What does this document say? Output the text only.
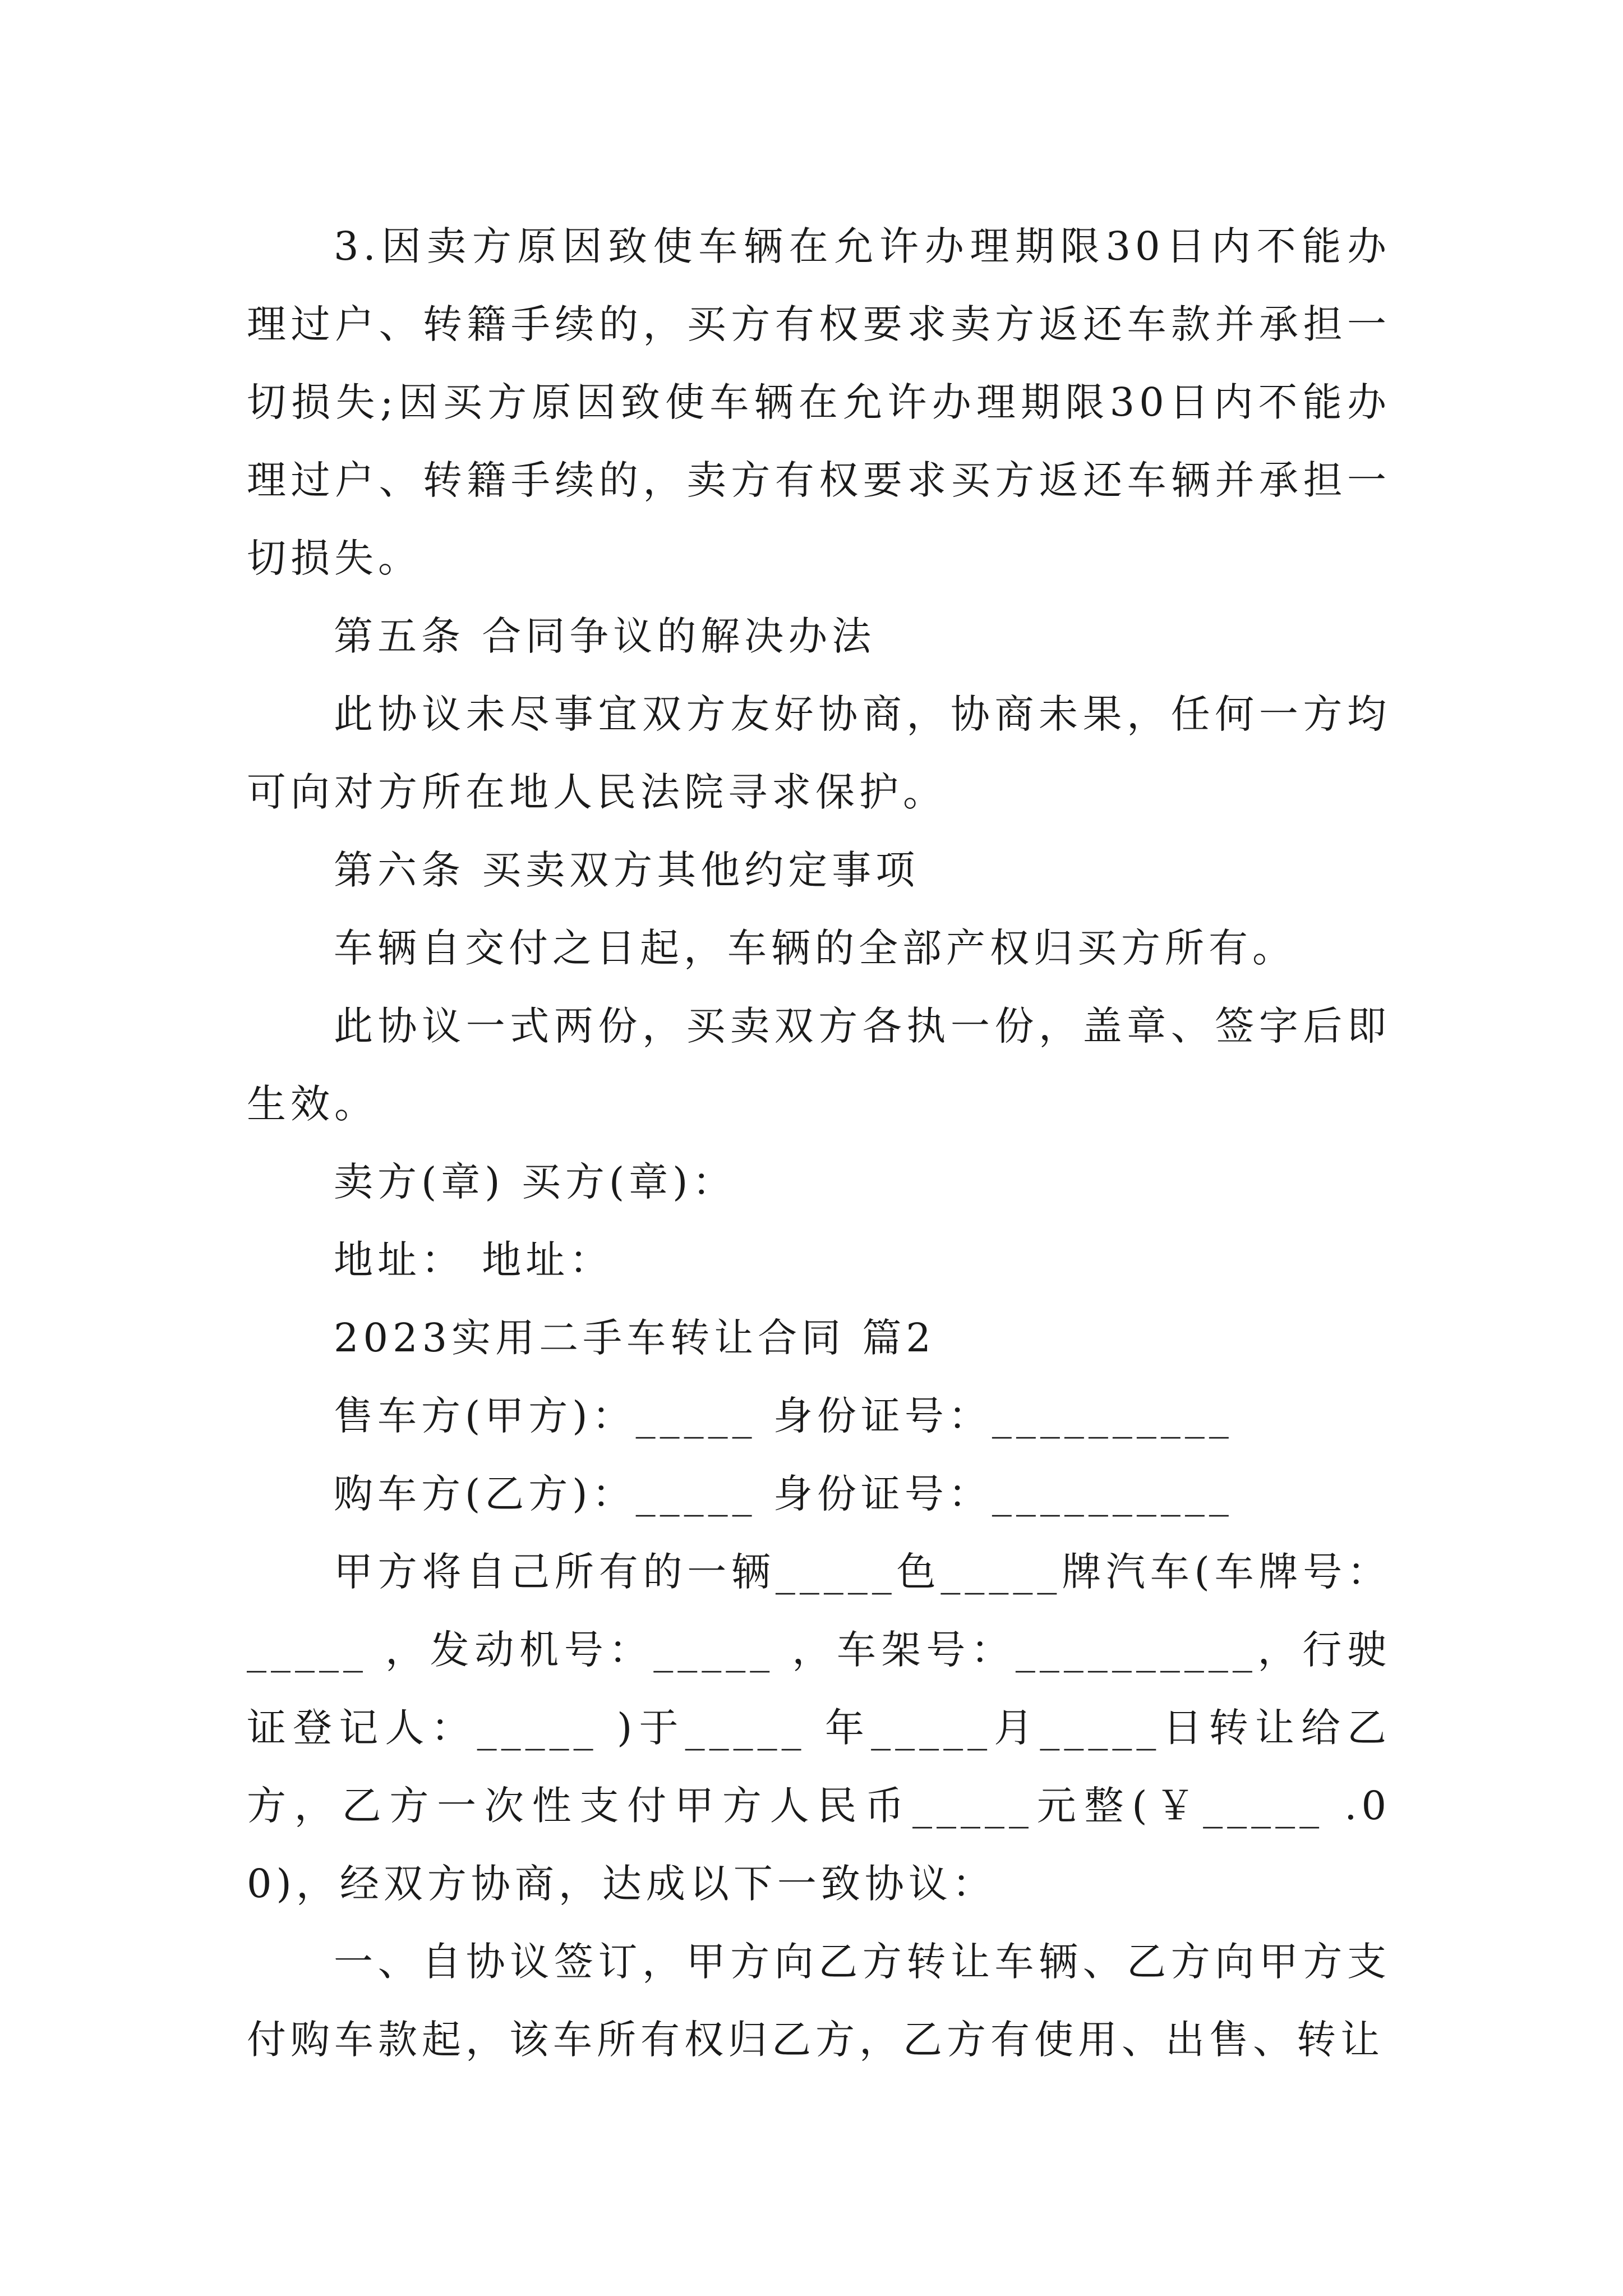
3.因卖方原因致使车辆在允许办理期限30日内不能办理过户、转籍手续的，买方有权要求卖方返还车款并承担一切损失;因买方原因致使车辆在允许办理期限30日内不能办理过户、转籍手续的，卖方有权要求买方返还车辆并承担一切损失。

第五条 合同争议的解决办法

此协议未尽事宜双方友好协商，协商未果，任何一方均可向对方所在地人民法院寻求保护。

第六条 买卖双方其他约定事项

车辆自交付之日起，车辆的全部产权归买方所有。

此协议一式两份，买卖双方各执一份，盖章、签字后即生效。

卖方(章) 买方(章)：

地址： 地址：

2023实用二手车转让合同 篇2

售车方(甲方)：_____ 身份证号：__________

购车方(乙方)：_____ 身份证号：__________

甲方将自己所有的一辆_____色_____牌汽车(车牌号：_____ ，发动机号：_____ ，车架号：__________，行驶证登记人：_____ )于_____ 年_____月_____日转让给乙方，乙方一次性支付甲方人民币_____元整(￥_____ .00)，经双方协商，达成以下一致协议：

一、自协议签订，甲方向乙方转让车辆、乙方向甲方支付购车款起，该车所有权归乙方，乙方有使用、出售、转让
